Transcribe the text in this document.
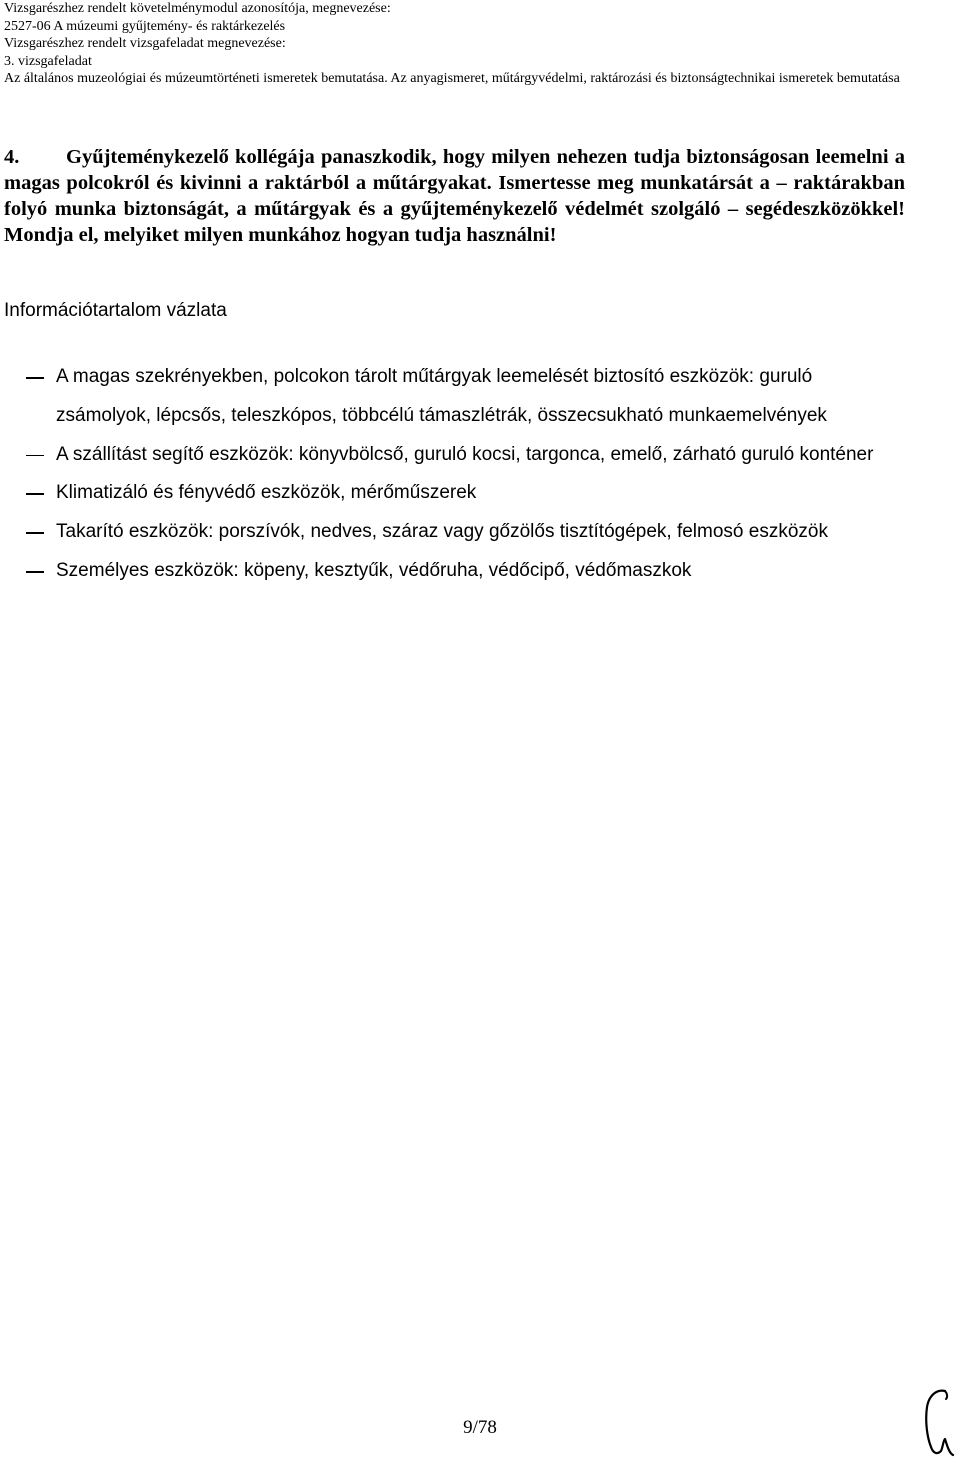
Vizsgarészhez rendelt követelménymodul azonosítója, megnevezése:
2527-06 A múzeumi gyűjtemény- és raktárkezelés
Vizsgarészhez rendelt vizsgafeladat megnevezése:
3. vizsgafeladat
Az általános muzeológiai és múzeumtörténeti ismeretek bemutatása. Az anyagismeret, műtárgyvédelmi, raktározási és biztonságtechnikai ismeretek bemutatása
4. Gyűjteménykezelő kollégája panaszkodik, hogy milyen nehezen tudja biztonságosan leemelni a magas polcokról és kivinni a raktárból a műtárgyakat. Ismertesse meg munkatársát a – raktárakban folyó munka biztonságát, a műtárgyak és a gyűjteménykezelő védelmét szolgáló – segédeszközökkel! Mondja el, melyiket milyen munkához hogyan tudja használni!
Információtartalom vázlata
A magas szekrényekben, polcokon tárolt műtárgyak leemelését biztosító eszközök: guruló zsámolyok, lépcsős, teleszkópos, többcélú támaszlétrák, összecsukható munkaemelvények
A szállítást segítő eszközök: könyvbölcső, guruló kocsi, targonca, emelő, zárható guruló konténer
Klimatizáló és fényvédő eszközök, mérőműszerek
Takarító eszközök: porszívók, nedves, száraz vagy gőzölős tisztítógépek, felmosó eszközök
Személyes eszközök: köpeny, kesztyűk, védőruha, védőcipő, védőmaszkok
9/78
